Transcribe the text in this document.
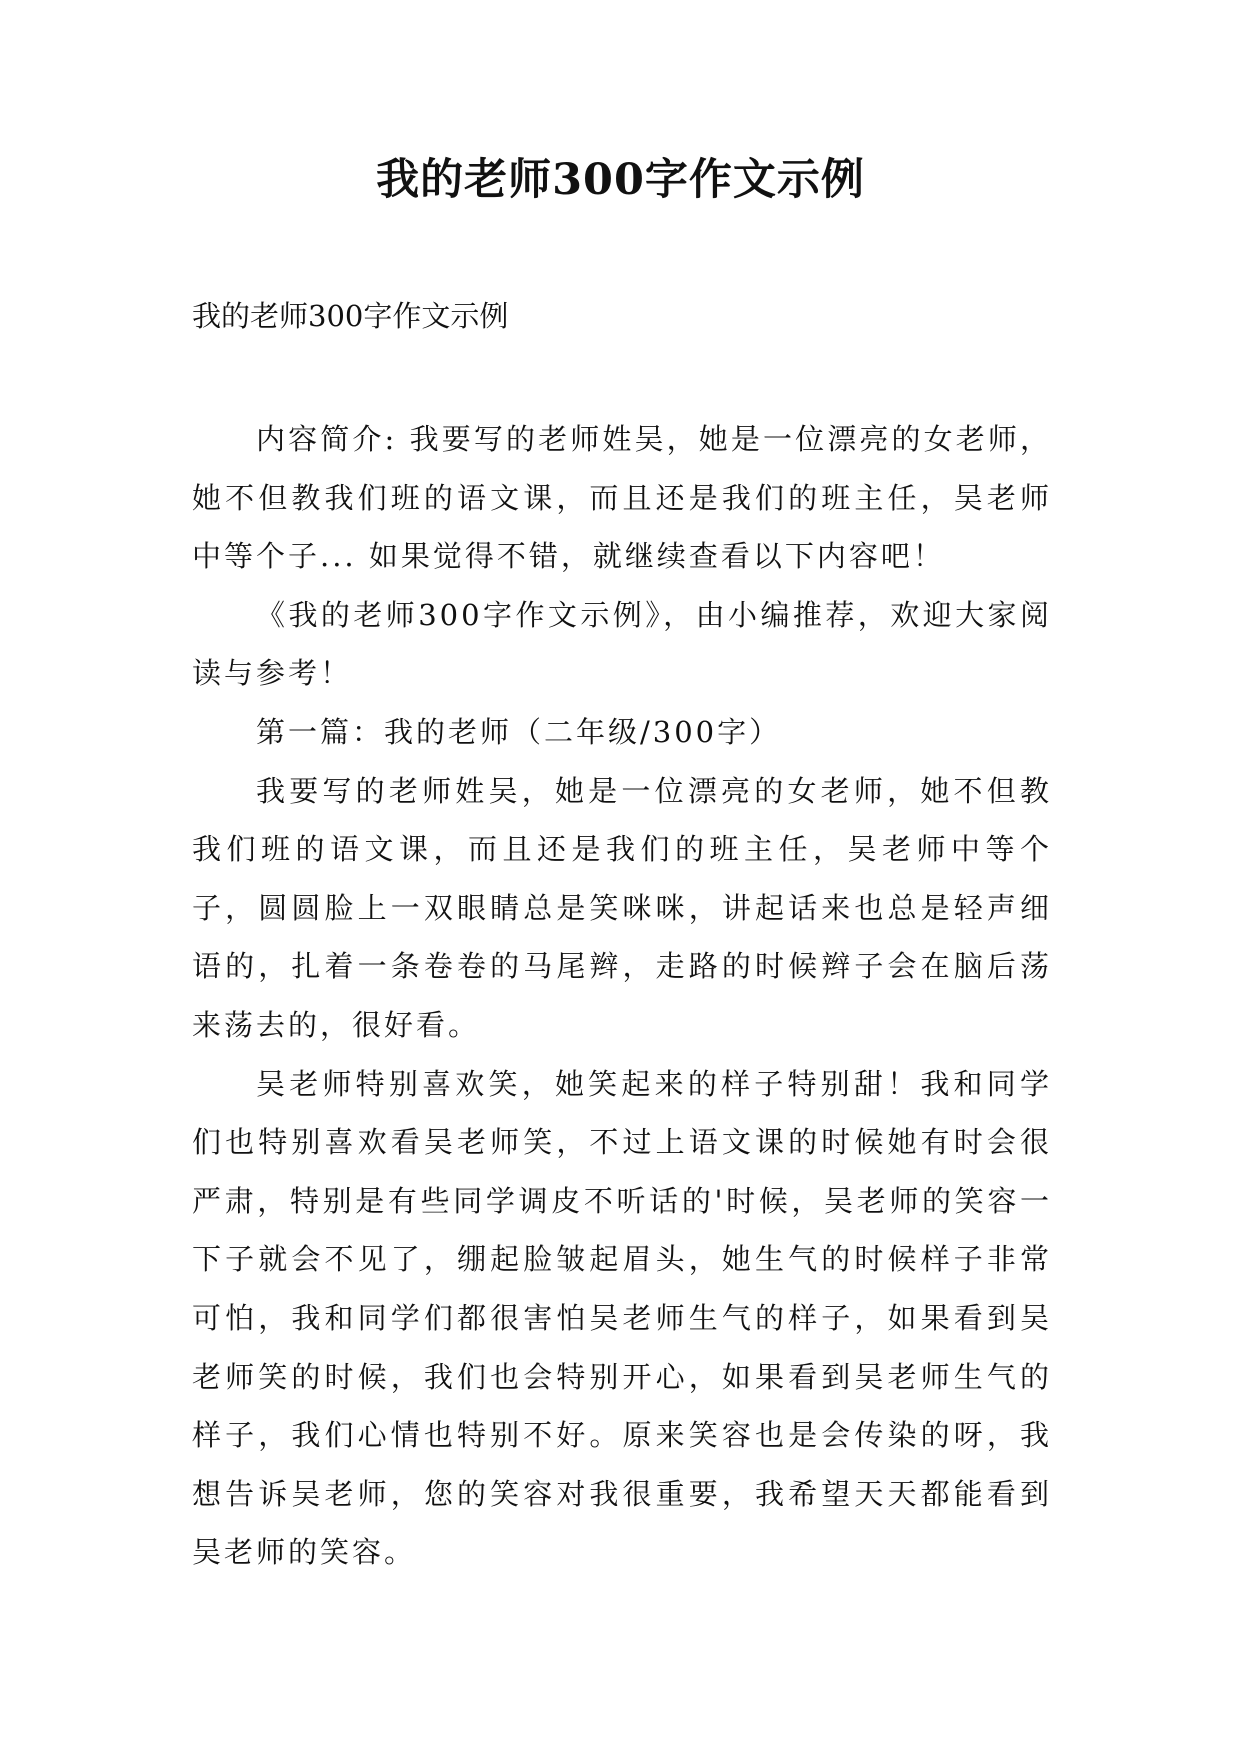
我的老师300字作文示例

我的老师300字作文示例

内容简介: 我要写的老师姓吴，她是一位漂亮的女老师，她不但教我们班的语文课，而且还是我们的班主任，吴老师中等个子... 如果觉得不错，就继续查看以下内容吧！

《我的老师300字作文示例》，由小编推荐，欢迎大家阅读与参考！

第一篇：我的老师（二年级/300字）

我要写的老师姓吴，她是一位漂亮的女老师，她不但教我们班的语文课，而且还是我们的班主任，吴老师中等个子，圆圆脸上一双眼睛总是笑咪咪，讲起话来也总是轻声细语的，扎着一条卷卷的马尾辫，走路的时候辫子会在脑后荡来荡去的，很好看。

吴老师特别喜欢笑，她笑起来的样子特别甜！我和同学们也特别喜欢看吴老师笑，不过上语文课的时候她有时会很严肃，特别是有些同学调皮不听话的'时候，吴老师的笑容一下子就会不见了，绷起脸皱起眉头，她生气的时候样子非常可怕，我和同学们都很害怕吴老师生气的样子，如果看到吴老师笑的时候，我们也会特别开心，如果看到吴老师生气的样子，我们心情也特别不好。原来笑容也是会传染的呀，我想告诉吴老师，您的笑容对我很重要，我希望天天都能看到吴老师的笑容。
